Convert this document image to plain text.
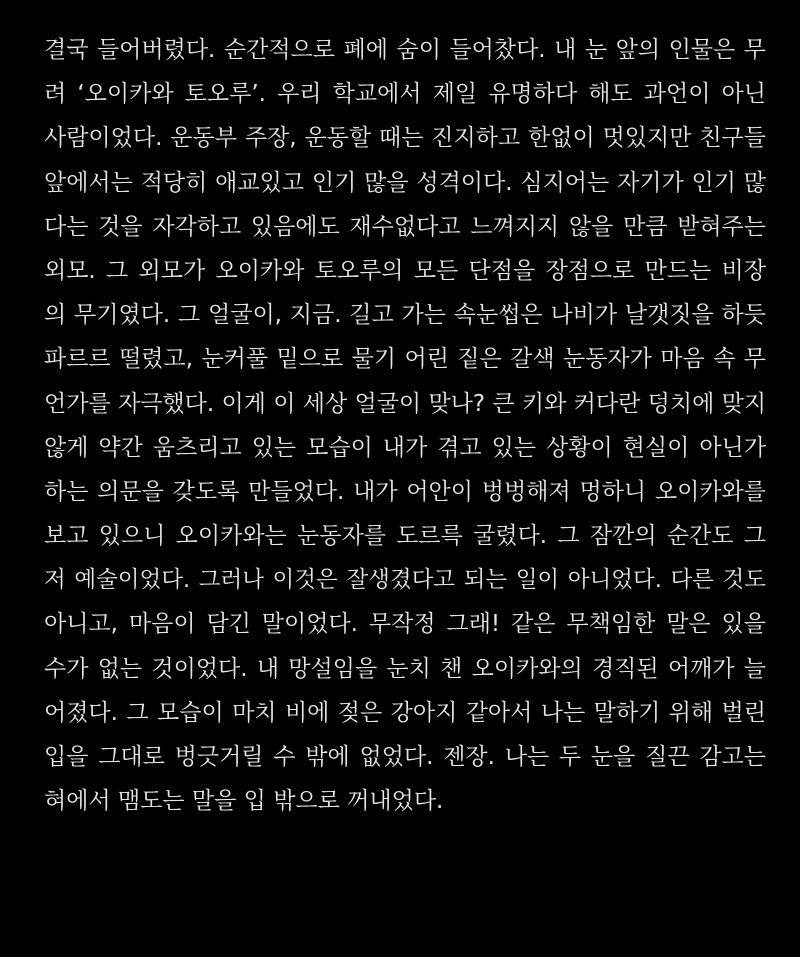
결국 들어버렸다. 순간적으로 폐에 숨이 들어찼다. 내 눈 앞의 인물은 무
려 ‘오이카와 토오루’. 우리 학교에서 제일 유명하다 해도 과언이 아닌
사람이었다. 운동부 주장, 운동할 때는 진지하고 한없이 멋있지만 친구들
앞에서는 적당히 애교있고 인기 많을 성격이다. 심지어는 자기가 인기 많
다는 것을 자각하고 있음에도 재수없다고 느껴지지 않을 만큼 받혀주는
외모. 그 외모가 오이카와 토오루의 모든 단점을 장점으로 만드는 비장
의 무기였다. 그 얼굴이, 지금. 길고 가는 속눈썹은 나비가 날갯짓을 하듯
파르르 떨렸고, 눈커풀 밑으로 물기 어린 짙은 갈색 눈동자가 마음 속 무
언가를 자극했다. 이게 이 세상 얼굴이 맞나? 큰 키와 커다란 덩치에 맞지
않게 약간 움츠리고 있는 모습이 내가 겪고 있는 상황이 현실이 아닌가
하는 의문을 갖도록 만들었다. 내가 어안이 벙벙해져 멍하니 오이카와를
보고 있으니 오이카와는 눈동자를 도르륵 굴렸다. 그 잠깐의 순간도 그
저 예술이었다. 그러나 이것은 잘생겼다고 되는 일이 아니었다. 다른 것도
아니고, 마음이 담긴 말이었다. 무작정 그래! 같은 무책임한 말은 있을
수가 없는 것이었다. 내 망설임을 눈치 챈 오이카와의 경직된 어깨가 늘
어졌다. 그 모습이 마치 비에 젖은 강아지 같아서 나는 말하기 위해 벌린
입을 그대로 벙긋거릴 수 밖에 없었다. 젠장. 나는 두 눈을 질끈 감고는
혀에서 맴도는 말을 입 밖으로 꺼내었다.
